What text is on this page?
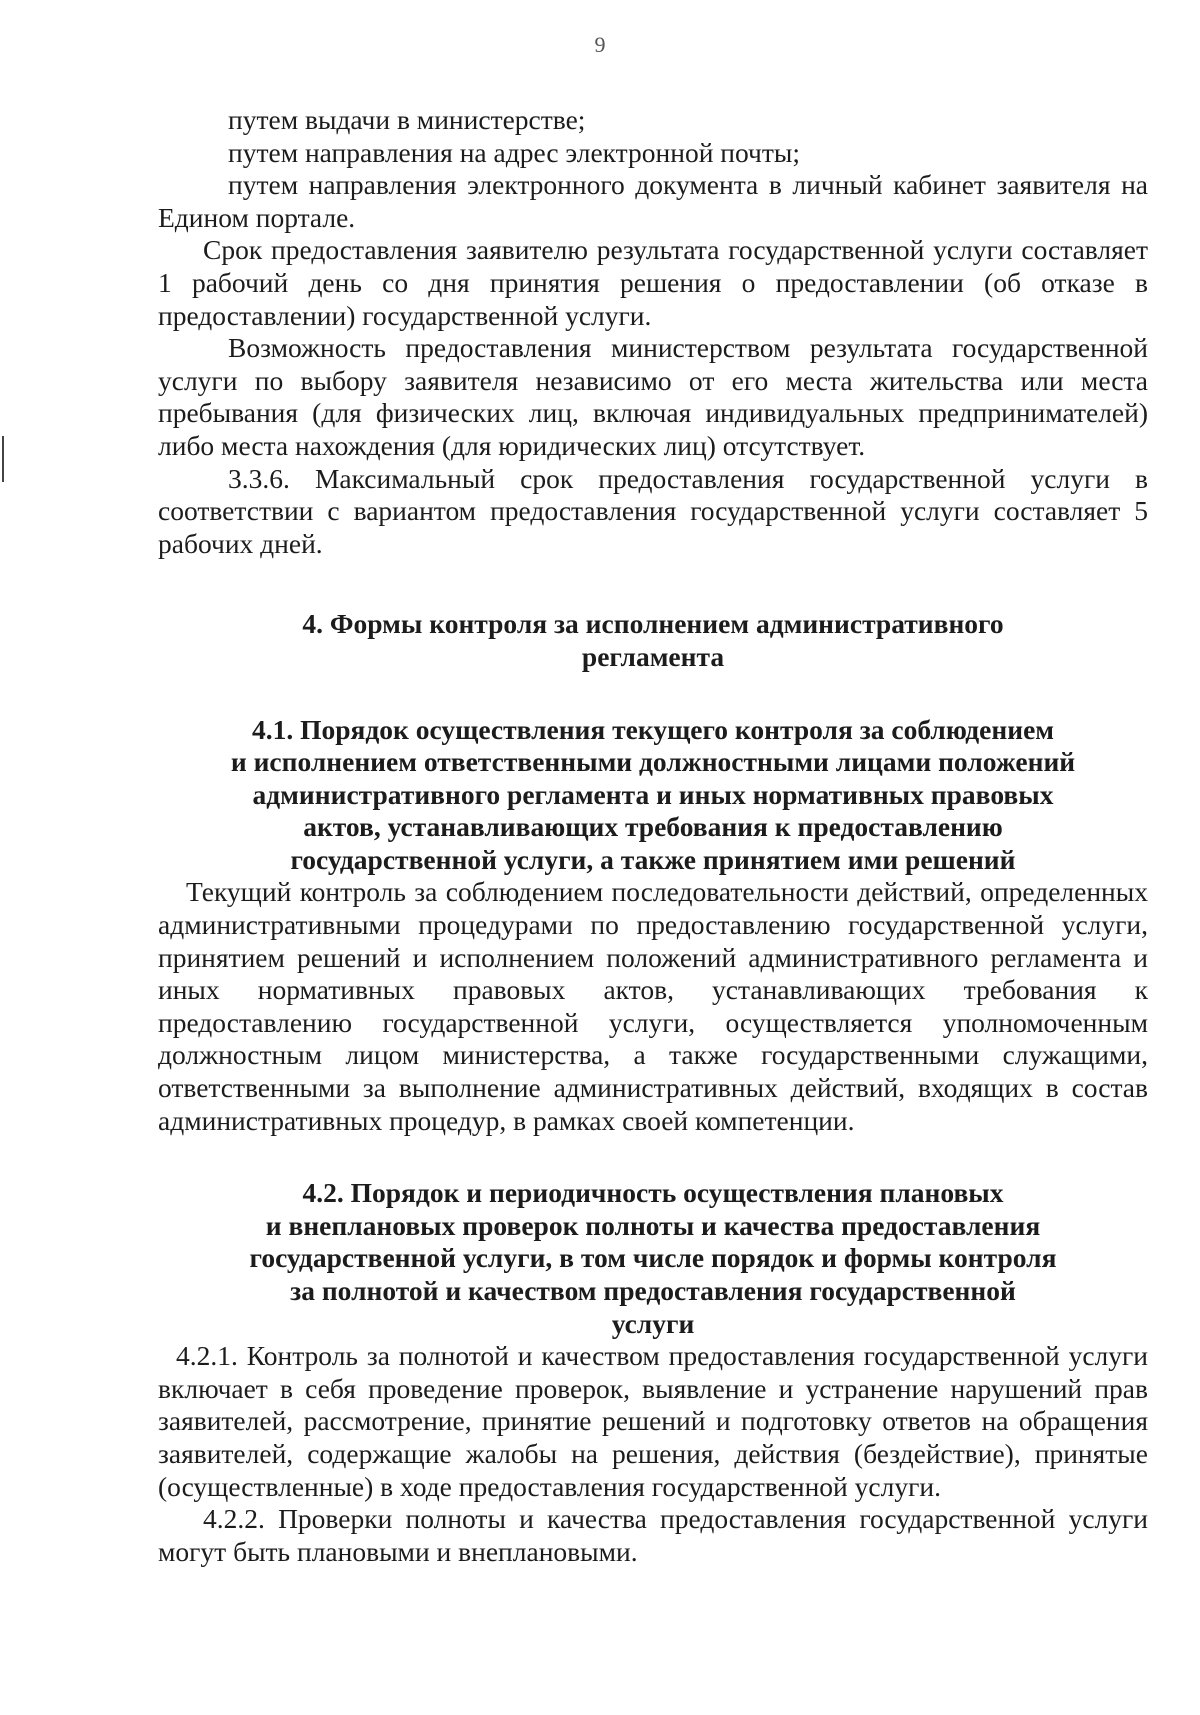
9

путем выдачи в министерстве;

путем направления на адрес электронной почты;

путем направления электронного документа в личный кабинет заявителя на Едином портале.

Срок предоставления заявителю результата государственной услуги составляет 1 рабочий день со дня принятия решения о предоставлении (об отказе в предоставлении) государственной услуги.

Возможность предоставления министерством результата государственной услуги по выбору заявителя независимо от его места жительства или места пребывания (для физических лиц, включая индивидуальных предпринимателей) либо места нахождения (для юридических лиц) отсутствует.

3.3.6. Максимальный срок предоставления государственной услуги в соответствии с вариантом предоставления государственной услуги составляет 5 рабочих дней.

4. Формы контроля за исполнением административного

регламента

4.1. Порядок осуществления текущего контроля за соблюдением

и исполнением ответственными должностными лицами положений

административного регламента и иных нормативных правовых

актов, устанавливающих требования к предоставлению

государственной услуги, а также принятием ими решений

Текущий контроль за соблюдением последовательности действий, определенных административными процедурами по предоставлению государственной услуги, принятием решений и исполнением положений административного регламента и иных нормативных правовых актов, устанавливающих требования к предоставлению государственной услуги, осуществляется уполномоченным должностным лицом министерства, а также государственными служащими, ответственными за выполнение административных действий, входящих в состав административных процедур, в рамках своей компетенции.

4.2. Порядок и периодичность осуществления плановых

и внеплановых проверок полноты и качества предоставления

государственной услуги, в том числе порядок и формы контроля

за полнотой и качеством предоставления государственной

услуги

4.2.1. Контроль за полнотой и качеством предоставления государственной услуги включает в себя проведение проверок, выявление и устранение нарушений прав заявителей, рассмотрение, принятие решений и подготовку ответов на обращения заявителей, содержащие жалобы на решения, действия (бездействие), принятые (осуществленные) в ходе предоставления государственной услуги.

4.2.2. Проверки полноты и качества предоставления государственной услуги могут быть плановыми и внеплановыми.
